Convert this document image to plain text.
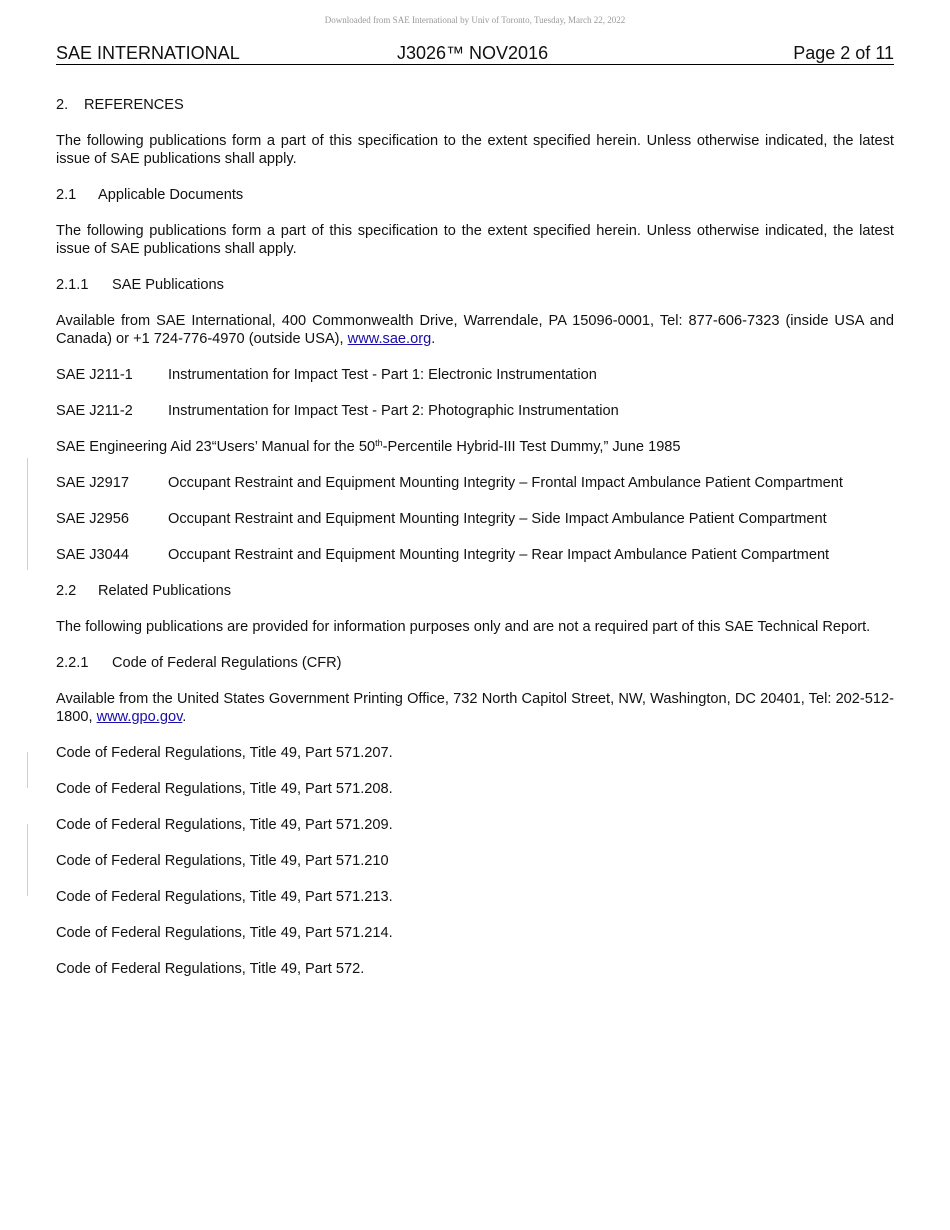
Downloaded from SAE International by Univ of Toronto, Tuesday, March 22, 2022
SAE INTERNATIONAL	J3026™ NOV2016	Page 2 of 11

2. REFERENCES

The following publications form a part of this specification to the extent specified herein. Unless otherwise indicated, the latest issue of SAE publications shall apply.

2.1 Applicable Documents

The following publications form a part of this specification to the extent specified herein. Unless otherwise indicated, the latest issue of SAE publications shall apply.

2.1.1 SAE Publications

Available from SAE International, 400 Commonwealth Drive, Warrendale, PA 15096-0001, Tel: 877-606-7323 (inside USA and Canada) or +1 724-776-4970 (outside USA), www.sae.org.

SAE J211-1 Instrumentation for Impact Test - Part 1: Electronic Instrumentation

SAE J211-2 Instrumentation for Impact Test - Part 2: Photographic Instrumentation

SAE Engineering Aid 23“Users’ Manual for the 50th-Percentile Hybrid-III Test Dummy,” June 1985

SAE J2917	Occupant Restraint and Equipment Mounting Integrity – Frontal Impact Ambulance Patient Compartment

SAE J2956	Occupant Restraint and Equipment Mounting Integrity – Side Impact Ambulance Patient Compartment

SAE J3044	Occupant Restraint and Equipment Mounting Integrity – Rear Impact Ambulance Patient Compartment

2.2 Related Publications

The following publications are provided for information purposes only and are not a required part of this SAE Technical Report.

2.2.1 Code of Federal Regulations (CFR)

Available from the United States Government Printing Office, 732 North Capitol Street, NW, Washington, DC 20401, Tel: 202-512-1800, www.gpo.gov.

Code of Federal Regulations, Title 49, Part 571.207.

Code of Federal Regulations, Title 49, Part 571.208.

Code of Federal Regulations, Title 49, Part 571.209.

Code of Federal Regulations, Title 49, Part 571.210

Code of Federal Regulations, Title 49, Part 571.213.

Code of Federal Regulations, Title 49, Part 571.214.

Code of Federal Regulations, Title 49, Part 572.
